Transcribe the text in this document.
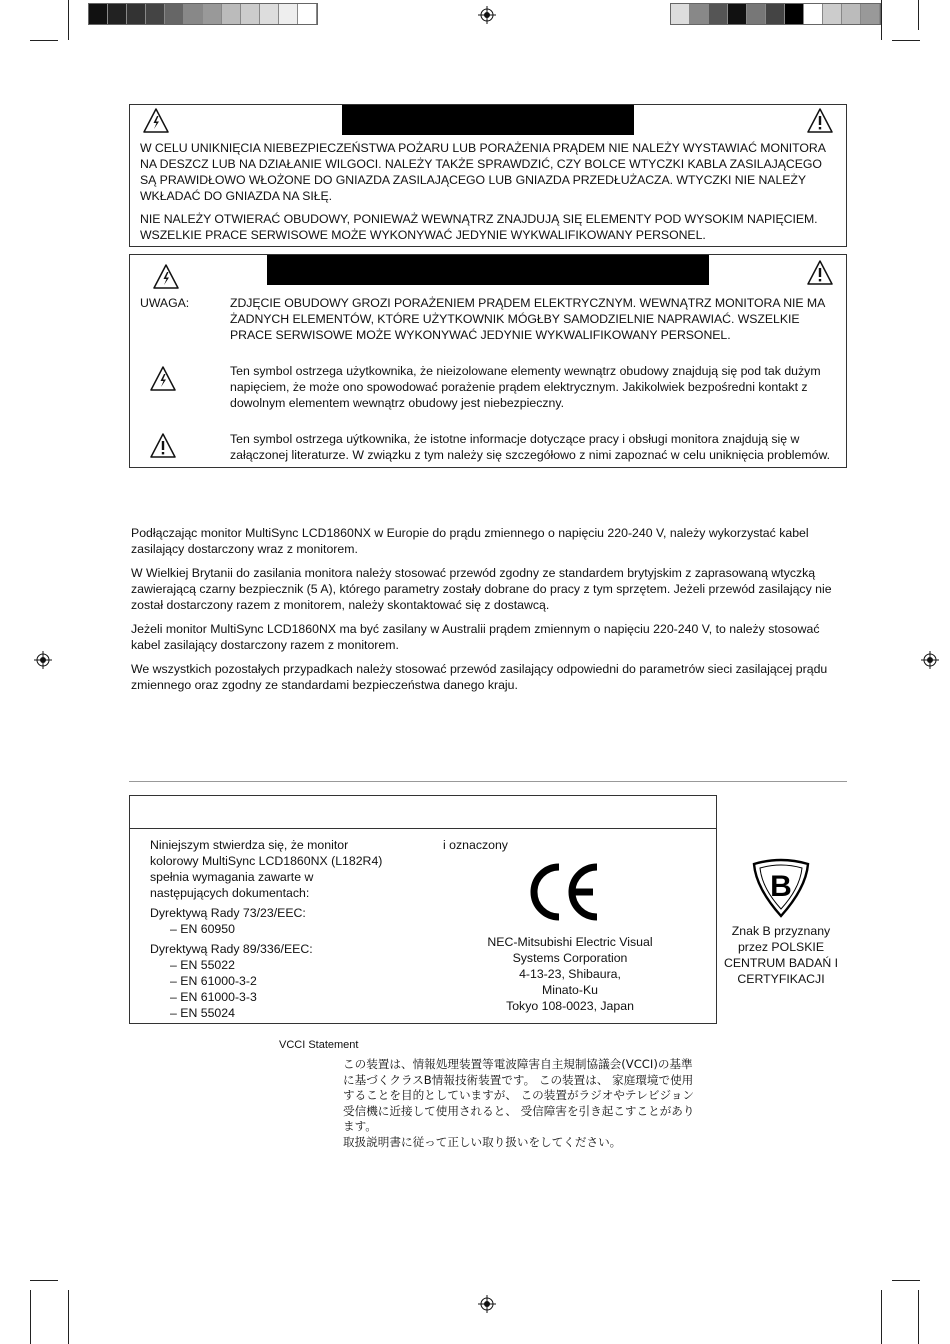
W CELU UNIKNIĘCIA NIEBEZPIECZEŃSTWA POŻARU LUB PORAŻENIA PRĄDEM NIE NALEŻY WYSTAWIAĆ MONITORA NA DESZCZ LUB NA DZIAŁANIE WILGOCI. NALEŻY TAKŻE SPRAWDZIĆ, CZY BOLCE WTYCZKI KABLA ZASILAJĄCEGO SĄ PRAWIDŁOWO WŁOŻONE DO GNIAZDA ZASILAJĄCEGO LUB GNIAZDA PRZEDŁUŻACZA. WTYCZKI NIE NALEŻY WKŁADAĆ DO GNIAZDA NA SIŁĘ.

NIE NALEŻY OTWIERAĆ OBUDOWY, PONIEWAŻ WEWNĄTRZ ZNAJDUJĄ SIĘ ELEMENTY POD WYSOKIM NAPIĘCIEM. WSZELKIE PRACE SERWISOWE MOŻE WYKONYWAĆ JEDYNIE WYKWALIFIKOWANY PERSONEL.

UWAGA:	ZDJĘCIE OBUDOWY GROZI PORAŻENIEM PRĄDEM ELEKTRYCZNYM. WEWNĄTRZ MONITORA NIE MA ŻADNYCH ELEMENTÓW, KTÓRE UŻYTKOWNIK MÓGŁBY SAMODZIELNIE NAPRAWIAĆ. WSZELKIE PRACE SERWISOWE MOŻE WYKONYWAĆ JEDYNIE WYKWALIFIKOWANY PERSONEL.

Ten symbol ostrzega użytkownika, że nieizolowane elementy wewnątrz obudowy znajdują się pod tak dużym napięciem, że może ono spowodować porażenie prądem elektrycznym. Jakikolwiek bezpośredni kontakt z dowolnym elementem wewnątrz obudowy jest niebezpieczny.

Ten symbol ostrzega uýtkownika, że istotne informacje dotyczące pracy i obsługi monitora znajdują się w załączonej literaturze. W związku z tym należy się szczegółowo z nimi zapoznać w celu uniknięcia problemów.

Podłączając monitor MultiSync LCD1860NX w Europie do prądu zmiennego o napięciu 220-240 V, należy wykorzystać kabel zasilający dostarczony wraz z monitorem.

W Wielkiej Brytanii do zasilania monitora należy stosować przewód zgodny ze standardem brytyjskim z zaprasowaną wtyczką zawierającą czarny bezpiecznik (5 A), którego parametry zostały dobrane do pracy z tym sprzętem. Jeżeli przewód zasilający nie został dostarczony razem z monitorem, należy skontaktować się z dostawcą.

Jeżeli monitor MultiSync LCD1860NX ma być zasilany w Australii prądem zmiennym o napięciu 220-240 V, to należy stosować kabel zasilający dostarczony razem z monitorem.

We wszystkich pozostałych przypadkach należy stosować przewód zasilający odpowiedni do parametrów sieci zasilającej prądu zmiennego oraz zgodny ze standardami bezpieczeństwa danego kraju.

Niniejszym stwierdza się, że monitor kolorowy MultiSync LCD1860NX (L182R4) spełnia wymagania zawarte w następujących dokumentach:

Dyrektywą Rady 73/23/EEC:

– EN 60950

Dyrektywą Rady 89/336/EEC:

– EN 55022

– EN 61000-3-2

– EN 61000-3-3

– EN 55024

i oznaczony

NEC-Mitsubishi Electric Visual
Systems Corporation
4-13-23, Shibaura,
Minato-Ku
Tokyo 108-0023, Japan
B
Znak B przyznany
przez POLSKIE
CENTRUM BADAŃ I
CERTYFIKACJI

VCCI Statement

この装置は、情報処理装置等電波障害自主規制協議会(VCCI)の基準
に基づくクラスB情報技術装置です。 この装置は、 家庭環境で使用
することを目的としていますが、 この装置がラジオやテレビジョン
受信機に近接して使用されると、 受信障害を引き起こすことがあり
ます。
取扱説明書に従って正しい取り扱いをしてください。
